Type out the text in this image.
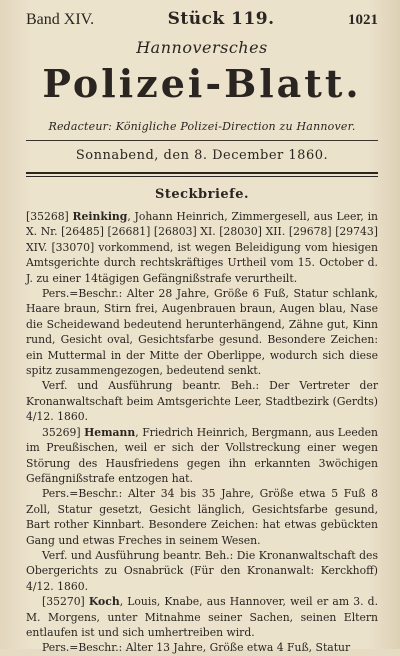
Band XIV.	Stück 119.	1021
Hannoversches
Polizei-Blatt.
Redacteur: Königliche Polizei-Direction zu Hannover.
Sonnabend, den 8. December 1860.
Steckbriefe.

[35268] Reinking, Johann Heinrich, Zimmergesell, aus Leer, in X. Nr. [26485] [26681] [26803] XI. [28030] XII. [29678] [29743] XIV. [33070] vorkommend, ist wegen Beleidigung vom hiesigen Amtsgerichte durch rechtskräftiges Urtheil vom 15. October d. J. zu einer 14tägigen Gefängnißstrafe verurtheilt.

Pers.=Beschr.: Alter 28 Jahre, Größe 6 Fuß, Statur schlank, Haare braun, Stirn frei, Augenbrauen braun, Augen blau, Nase die Scheidewand bedeutend herunterhängend, Zähne gut, Kinn rund, Gesicht oval, Gesichtsfarbe gesund. Besondere Zeichen: ein Muttermal in der Mitte der Oberlippe, wodurch sich diese spitz zusammengezogen, bedeutend senkt.

Verf. und Ausführung beantr. Beh.: Der Vertreter der Kronanwaltschaft beim Amtsgerichte Leer, Stadtbezirk (Gerdts) 4/12. 1860.

35269] Hemann, Friedrich Heinrich, Bergmann, aus Leeden im Preußischen, weil er sich der Vollstreckung einer wegen Störung des Hausfriedens gegen ihn erkannten 3wöchigen Gefängnißstrafe entzogen hat.

Pers.=Beschr.: Alter 34 bis 35 Jahre, Größe etwa 5 Fuß 8 Zoll, Statur gesetzt, Gesicht länglich, Gesichtsfarbe gesund, Bart rother Kinnbart. Besondere Zeichen: hat etwas gebückten Gang und etwas Freches in seinem Wesen.

Verf. und Ausführung beantr. Beh.: Die Kronanwaltschaft des Obergerichts zu Osnabrück (Für den Kronanwalt: Kerckhoff) 4/12. 1860.

[35270] Koch, Louis, Knabe, aus Hannover, weil er am 3. d. M. Morgens, unter Mitnahme seiner Sachen, seinen Eltern entlaufen ist und sich umhertreiben wird.

Pers.=Beschr.: Alter 13 Jahre, Größe etwa 4 Fuß, Statur
